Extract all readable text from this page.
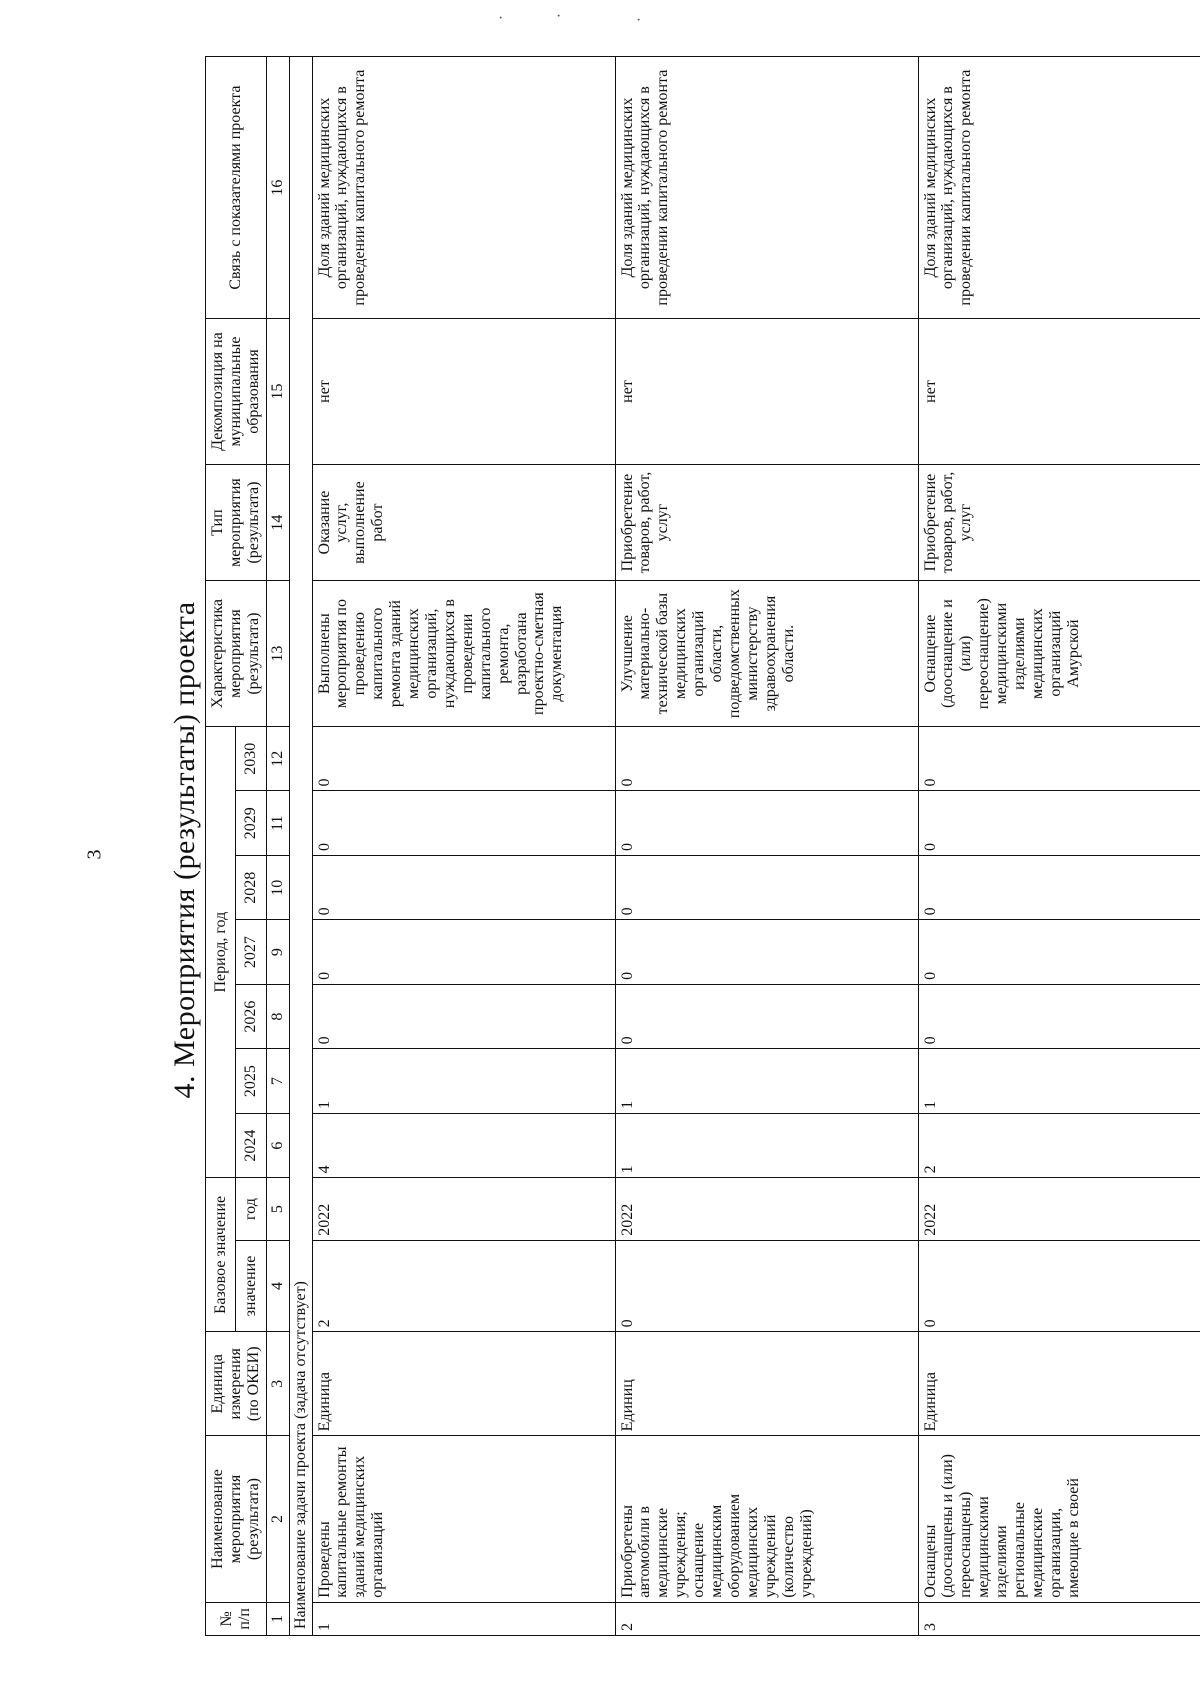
3
·	·
·
4. Мероприятия (результаты) проекта
№ п/п	Наименование мероприятия (результата)	Единица измерения (по ОКЕИ)	Базовое значение		Период, год							Характеристика мероприятия (результата)	Тип мероприятия (результата)	Декомпозиция на муниципальные образования	Связь с показателями проекта
			значение	год	2024	2025	2026	2027	2028	2029	2030				
1	2	3	4	5	6	7	8	9	10	11	12	13	14	15	16
Наименование задачи проекта (задача отсутствует)															
1	Проведены капитальные ремонты зданий медицинских организаций	Единица	2	2022	4	1	0	0	0	0	0	Выполнены мероприятия по проведению капитального ремонта зданий медицинских организаций, нуждающихся в проведении капитального ремонта, разработана проектно-сметная документация	Оказание услуг, выполнение работ	нет	Доля зданий медицинских организаций, нуждающихся в проведении капитального ремонта
2	Приобретены автомобили в медицинские учреждения; оснащение медицинским оборудованием медицинских учреждений (количество учреждений)	Единиц	0	2022	1	1	0	0	0	0	0	Улучшение материально-технической базы медицинских организаций области, подведомственных министерству здравоохранения области.	Приобретение товаров, работ, услуг	нет	Доля зданий медицинских организаций, нуждающихся в проведении капитального ремонта
3	Оснащены (дооснащены и (или) переоснащены) медицинскими изделиями региональные медицинские организации, имеющие в своей	Единица	0	2022	2	1	0	0	0	0	0	Оснащение (дооснащение и (или) переоснащение) медицинскими изделиями медицинских организаций Амурской	Приобретение товаров, работ, услуг	нет	Доля зданий медицинских организаций, нуждающихся в проведении капитального ремонта
